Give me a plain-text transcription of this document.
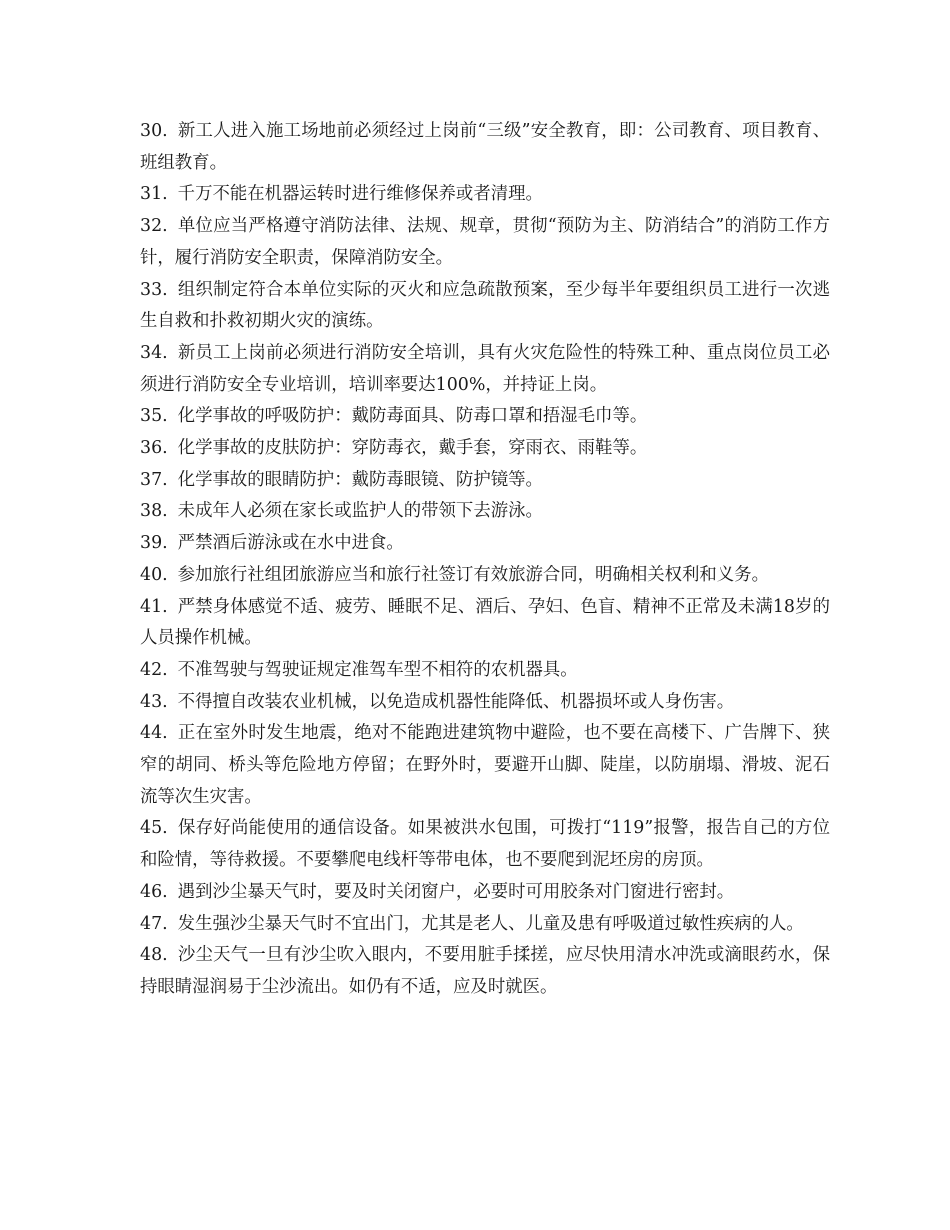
30. 新工人进入施工场地前必须经过上岗前“三级”安全教育，即：公司教育、项目教育、班组教育。

31. 千万不能在机器运转时进行维修保养或者清理。

32. 单位应当严格遵守消防法律、法规、规章，贯彻“预防为主、防消结合”的消防工作方针，履行消防安全职责，保障消防安全。

33. 组织制定符合本单位实际的灭火和应急疏散预案，至少每半年要组织员工进行一次逃生自救和扑救初期火灾的演练。

34. 新员工上岗前必须进行消防安全培训，具有火灾危险性的特殊工种、重点岗位员工必须进行消防安全专业培训，培训率要达100%，并持证上岗。

35. 化学事故的呼吸防护：戴防毒面具、防毒口罩和捂湿毛巾等。

36. 化学事故的皮肤防护：穿防毒衣，戴手套，穿雨衣、雨鞋等。

37. 化学事故的眼睛防护：戴防毒眼镜、防护镜等。

38. 未成年人必须在家长或监护人的带领下去游泳。

39. 严禁酒后游泳或在水中进食。

40. 参加旅行社组团旅游应当和旅行社签订有效旅游合同，明确相关权利和义务。

41. 严禁身体感觉不适、疲劳、睡眠不足、酒后、孕妇、色盲、精神不正常及未满18岁的人员操作机械。

42. 不准驾驶与驾驶证规定准驾车型不相符的农机器具。

43. 不得擅自改装农业机械，以免造成机器性能降低、机器损坏或人身伤害。

44. 正在室外时发生地震，绝对不能跑进建筑物中避险，也不要在高楼下、广告牌下、狭窄的胡同、桥头等危险地方停留；在野外时，要避开山脚、陡崖，以防崩塌、滑坡、泥石流等次生灾害。

45. 保存好尚能使用的通信设备。如果被洪水包围，可拨打“119”报警，报告自己的方位和险情，等待救援。不要攀爬电线杆等带电体，也不要爬到泥坯房的房顶。

46. 遇到沙尘暴天气时，要及时关闭窗户，必要时可用胶条对门窗进行密封。

47. 发生强沙尘暴天气时不宜出门，尤其是老人、儿童及患有呼吸道过敏性疾病的人。

48. 沙尘天气一旦有沙尘吹入眼内，不要用脏手揉搓，应尽快用清水冲洗或滴眼药水，保持眼睛湿润易于尘沙流出。如仍有不适，应及时就医。
